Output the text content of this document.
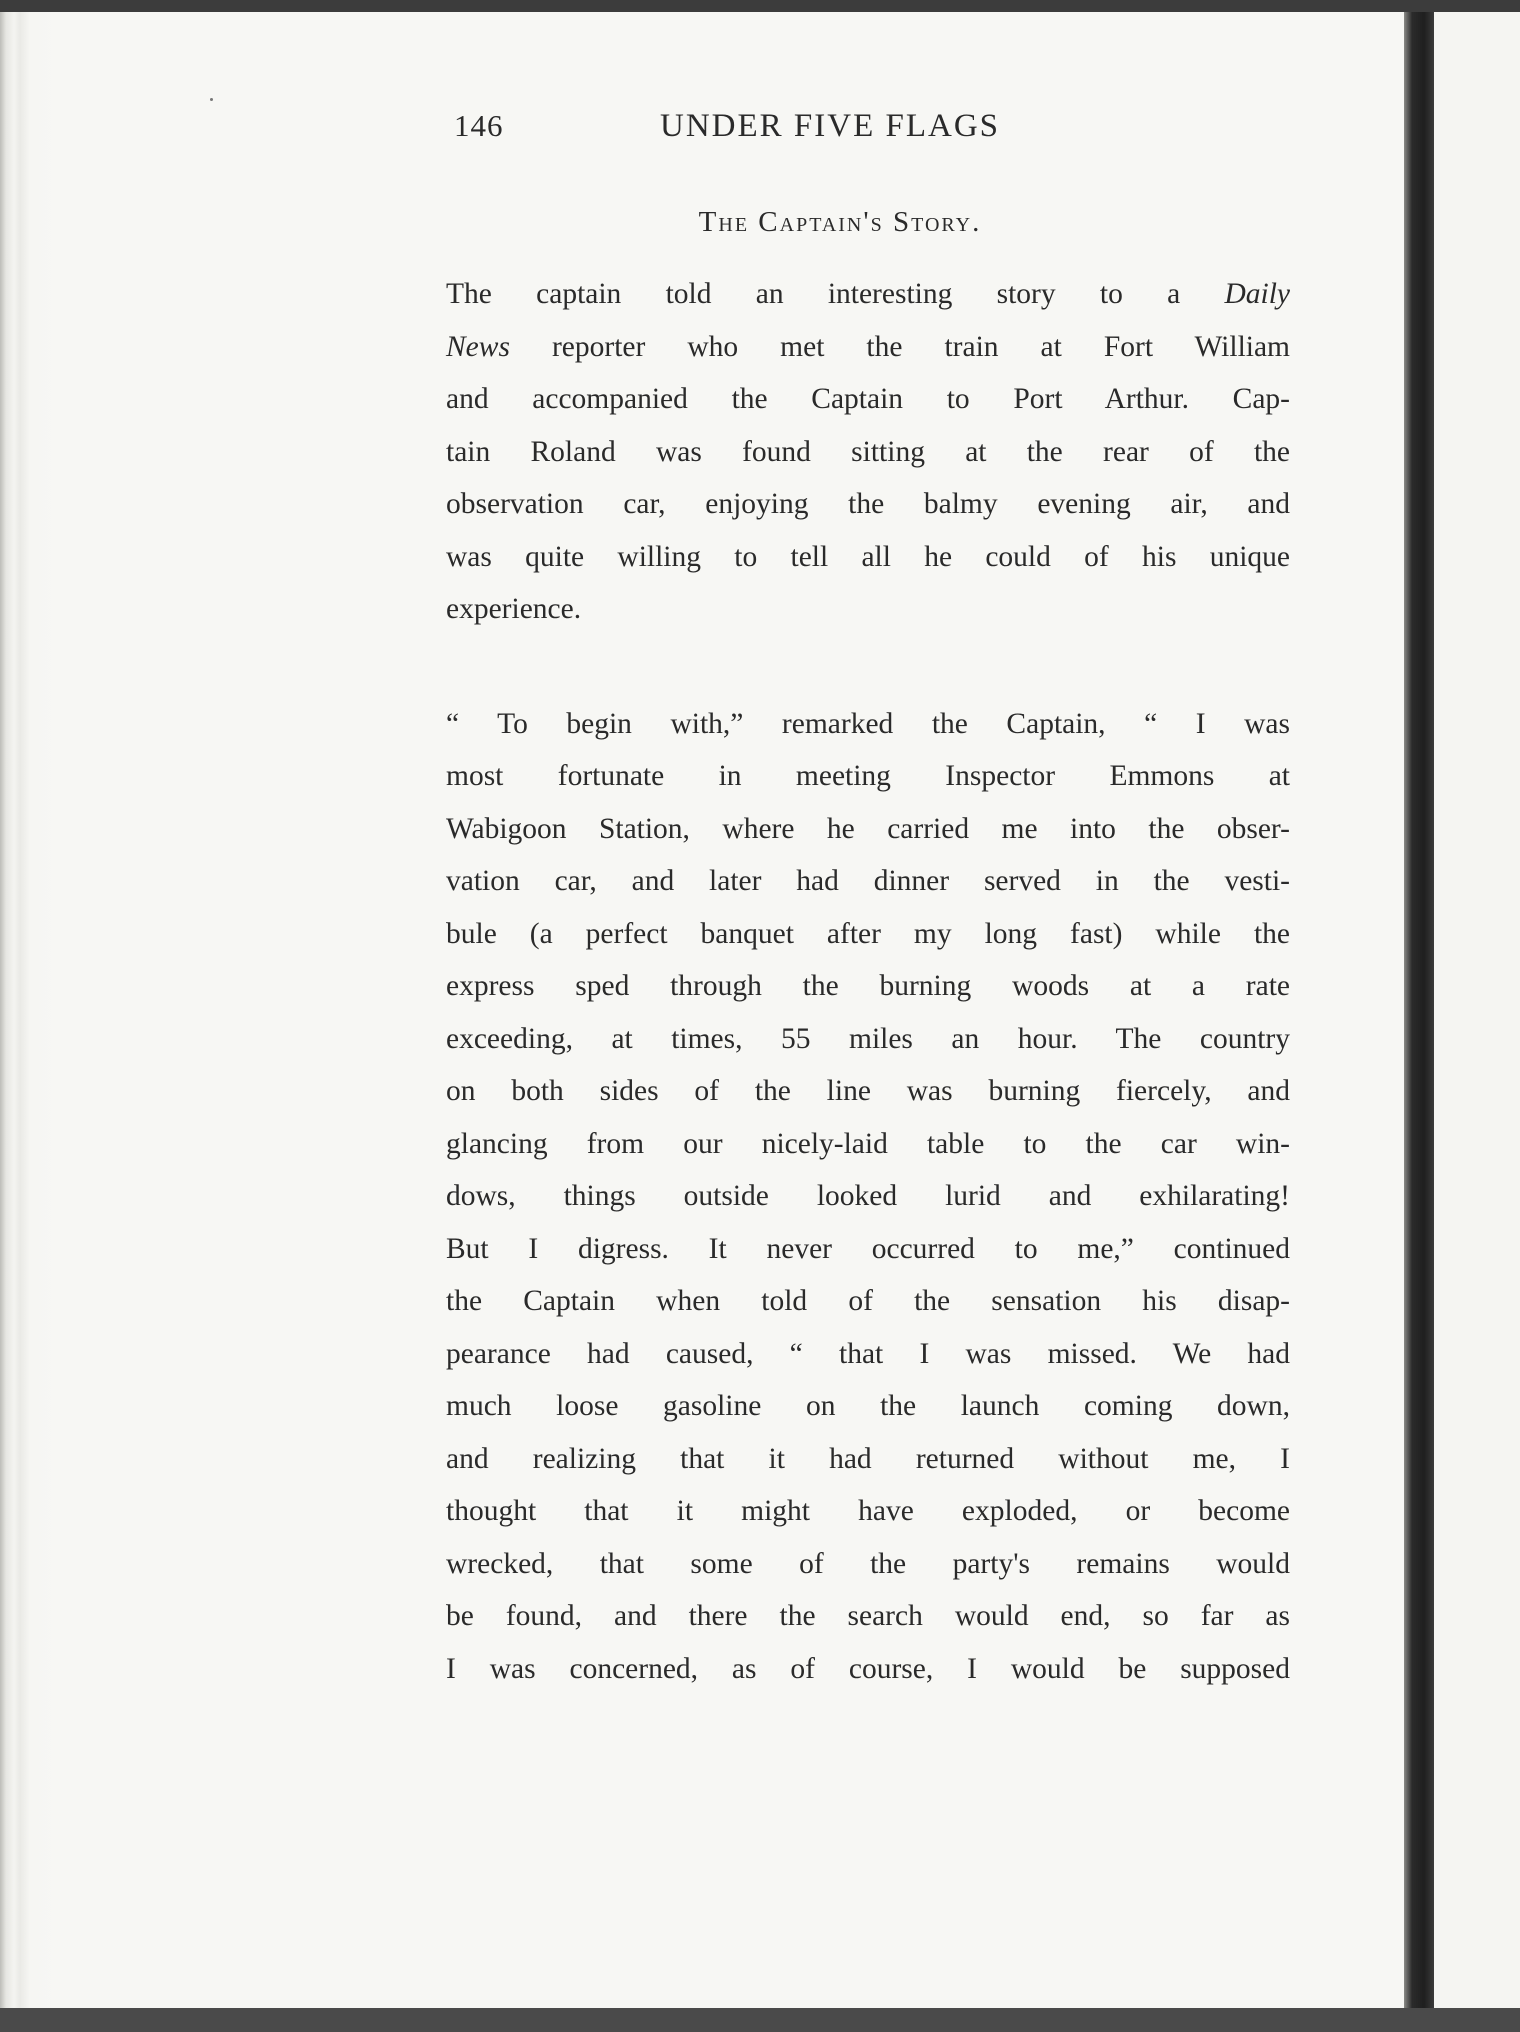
146	UNDER FIVE FLAGS
The Captain's Story.
The captain told an interesting story to a Daily
News reporter who met the train at Fort William
and accompanied the Captain to Port Arthur. Cap-
tain Roland was found sitting at the rear of the
observation car, enjoying the balmy evening air, and
was quite willing to tell all he could of his unique
experience.
“ To begin with,” remarked the Captain, “ I was
most fortunate in meeting Inspector Emmons at
Wabigoon Station, where he carried me into the obser-
vation car, and later had dinner served in the vesti-
bule (a perfect banquet after my long fast) while the
express sped through the burning woods at a rate
exceeding, at times, 55 miles an hour. The country
on both sides of the line was burning fiercely, and
glancing from our nicely-laid table to the car win-
dows, things outside looked lurid and exhilarating!
But I digress. It never occurred to me,” continued
the Captain when told of the sensation his disap-
pearance had caused, “ that I was missed. We had
much loose gasoline on the launch coming down,
and realizing that it had returned without me, I
thought that it might have exploded, or become
wrecked, that some of the party's remains would
be found, and there the search would end, so far as
I was concerned, as of course, I would be supposed
